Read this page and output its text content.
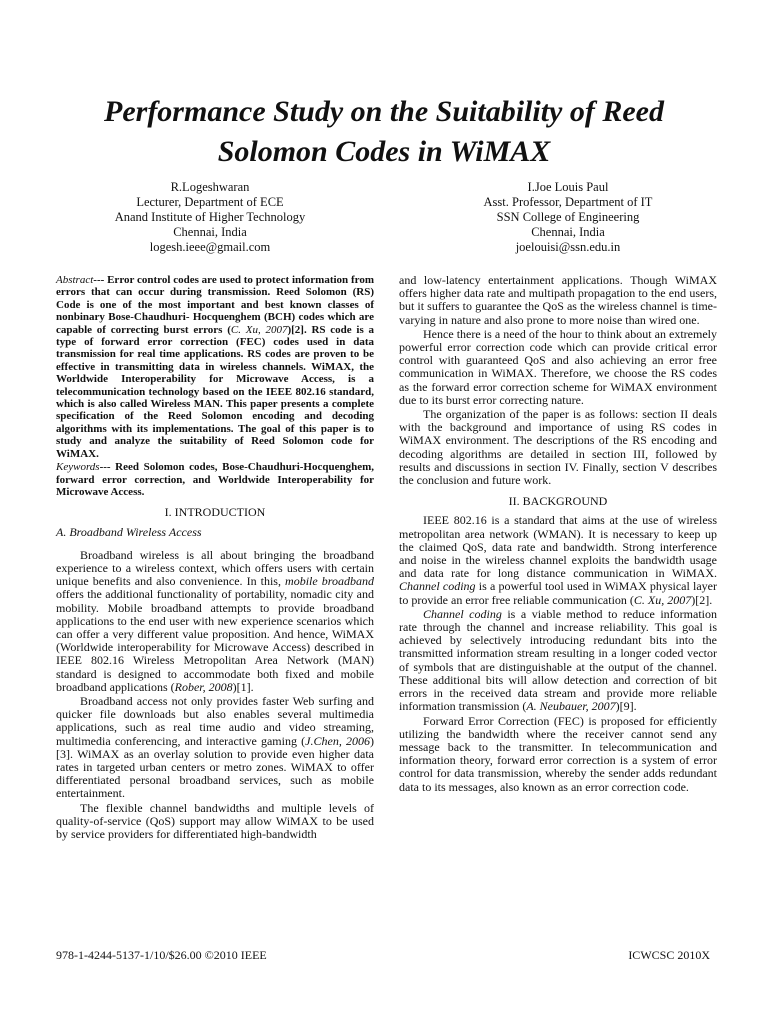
Performance Study on the Suitability of Reed Solomon Codes in WiMAX
R.Logeshwaran
Lecturer, Department of ECE
Anand Institute of Higher Technology
Chennai, India
logesh.ieee@gmail.com
I.Joe Louis Paul
Asst. Professor, Department of IT
SSN College of Engineering
Chennai, India
joelouisi@ssn.edu.in

Abstract--- Error control codes are used to protect information from errors that can occur during transmission. Reed Solomon (RS) Code is one of the most important and best known classes of nonbinary Bose-Chaudhuri- Hocquenghem (BCH) codes which are capable of correcting burst errors (C. Xu, 2007)[2]. RS code is a type of forward error correction (FEC) codes used in data transmission for real time applications. RS codes are proven to be effective in transmitting data in wireless channels. WiMAX, the Worldwide Interoperability for Microwave Access, is a telecommunication technology based on the IEEE 802.16 standard, which is also called Wireless MAN. This paper presents a complete specification of the Reed Solomon encoding and decoding algorithms with its implementations. The goal of this paper is to study and analyze the suitability of Reed Solomon code for WiMAX.

Keywords--- Reed Solomon codes, Bose-Chaudhuri-Hocquenghem, forward error correction, and Worldwide Interoperability for Microwave Access.

I. INTRODUCTION
A. Broadband Wireless Access

Broadband wireless is all about bringing the broadband experience to a wireless context, which offers users with certain unique benefits and also convenience. In this, mobile broadband offers the additional functionality of portability, nomadic city and mobility. Mobile broadband attempts to provide broadband applications to the end user with new experience scenarios which can offer a very different value proposition. And hence, WiMAX (Worldwide interoperability for Microwave Access) described in IEEE 802.16 Wireless Metropolitan Area Network (MAN) standard is designed to accommodate both fixed and mobile broadband applications (Rober, 2008)[1].

Broadband access not only provides faster Web surfing and quicker file downloads but also enables several multimedia applications, such as real time audio and video streaming, multimedia conferencing, and interactive gaming (J.Chen, 2006)[3]. WiMAX as an overlay solution to provide even higher data rates in targeted urban centers or metro zones. WiMAX to offer differentiated personal broadband services, such as mobile entertainment.

The flexible channel bandwidths and multiple levels of quality-of-service (QoS) support may allow WiMAX to be used by service providers for differentiated high-bandwidth

and low-latency entertainment applications. Though WiMAX offers higher data rate and multipath propagation to the end users, but it suffers to guarantee the QoS as the wireless channel is time-varying in nature and also prone to more noise than wired one.

Hence there is a need of the hour to think about an extremely powerful error correction code which can provide critical error control with guaranteed QoS and also achieving an error free communication in WiMAX. Therefore, we choose the RS codes as the forward error correction scheme for WiMAX environment due to its burst error correcting nature.

The organization of the paper is as follows: section II deals with the background and importance of using RS codes in WiMAX environment. The descriptions of the RS encoding and decoding algorithms are detailed in section III, followed by results and discussions in section IV. Finally, section V describes the conclusion and future work.

II. BACKGROUND

IEEE 802.16 is a standard that aims at the use of wireless metropolitan area network (WMAN). It is necessary to keep up the claimed QoS, data rate and bandwidth. Strong interference and noise in the wireless channel exploits the bandwidth usage and data rate for long distance communication in WiMAX. Channel coding is a powerful tool used in WiMAX physical layer to provide an error free reliable communication (C. Xu, 2007)[2].

Channel coding is a viable method to reduce information rate through the channel and increase reliability. This goal is achieved by selectively introducing redundant bits into the transmitted information stream resulting in a longer coded vector of symbols that are distinguishable at the output of the channel. These additional bits will allow detection and correction of bit errors in the received data stream and provide more reliable information transmission (A. Neubauer, 2007)[9].

Forward Error Correction (FEC) is proposed for efficiently utilizing the bandwidth where the receiver cannot send any message back to the transmitter. In telecommunication and information theory, forward error correction is a system of error control for data transmission, whereby the sender adds redundant data to its messages, also known as an error correction code.

978-1-4244-5137-1/10/$26.00 ©2010 IEEE	ICWCSC 2010X
